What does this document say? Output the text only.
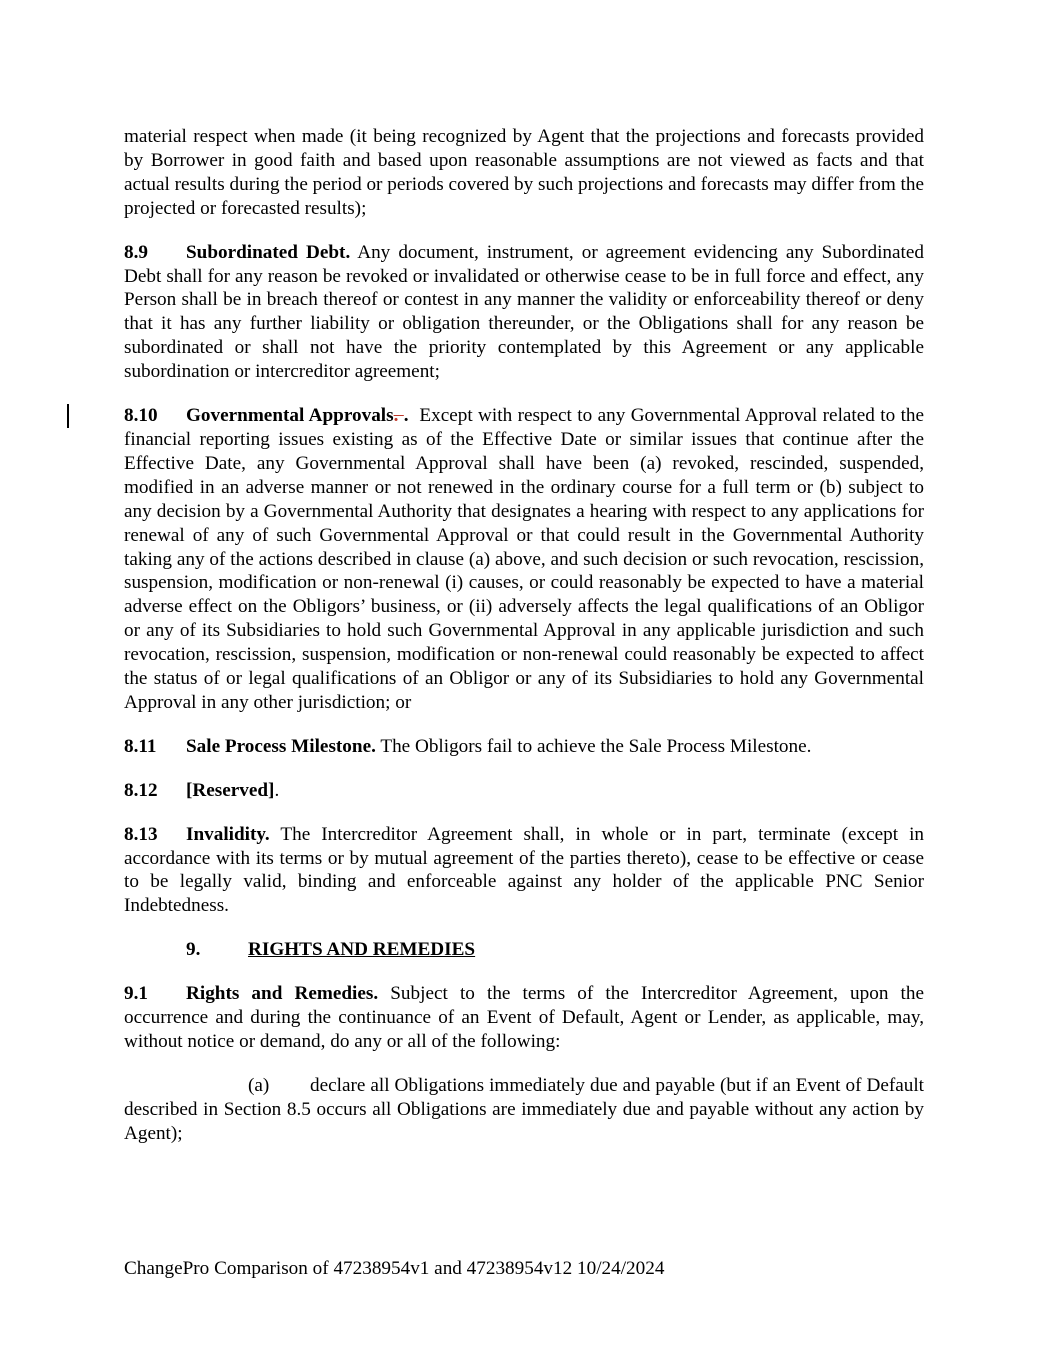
material respect when made (it being recognized by Agent that the projections and forecasts provided by Borrower in good faith and based upon reasonable assumptions are not viewed as facts and that actual results during the period or periods covered by such projections and forecasts may differ from the projected or forecasted results);

8.9 Subordinated Debt. Any document, instrument, or agreement evidencing any Subordinated Debt shall for any reason be revoked or invalidated or otherwise cease to be in full force and effect, any Person shall be in breach thereof or contest in any manner the validity or enforceability thereof or deny that it has any further liability or obligation thereunder, or the Obligations shall for any reason be subordinated or shall not have the priority contemplated by this Agreement or any applicable subordination or intercreditor agreement;

8.10 Governmental Approvals. . Except with respect to any Governmental Approval related to the financial reporting issues existing as of the Effective Date or similar issues that continue after the Effective Date, any Governmental Approval shall have been (a) revoked, rescinded, suspended, modified in an adverse manner or not renewed in the ordinary course for a full term or (b) subject to any decision by a Governmental Authority that designates a hearing with respect to any applications for renewal of any of such Governmental Approval or that could result in the Governmental Authority taking any of the actions described in clause (a) above, and such decision or such revocation, rescission, suspension, modification or non-renewal (i) causes, or could reasonably be expected to have a material adverse effect on the Obligors’ business, or (ii) adversely affects the legal qualifications of an Obligor or any of its Subsidiaries to hold such Governmental Approval in any applicable jurisdiction and such revocation, rescission, suspension, modification or non-renewal could reasonably be expected to affect the status of or legal qualifications of an Obligor or any of its Subsidiaries to hold any Governmental Approval in any other jurisdiction; or

8.11 Sale Process Milestone. The Obligors fail to achieve the Sale Process Milestone.

8.12 [Reserved].

8.13 Invalidity. The Intercreditor Agreement shall, in whole or in part, terminate (except in accordance with its terms or by mutual agreement of the parties thereto), cease to be effective or cease to be legally valid, binding and enforceable against any holder of the applicable PNC Senior Indebtedness.

9. RIGHTS AND REMEDIES

9.1 Rights and Remedies. Subject to the terms of the Intercreditor Agreement, upon the occurrence and during the continuance of an Event of Default, Agent or Lender, as applicable, may, without notice or demand, do any or all of the following:

(a) declare all Obligations immediately due and payable (but if an Event of Default described in Section 8.5 occurs all Obligations are immediately due and payable without any action by Agent);

ChangePro Comparison of 47238954v1 and 47238954v12 10/24/2024
